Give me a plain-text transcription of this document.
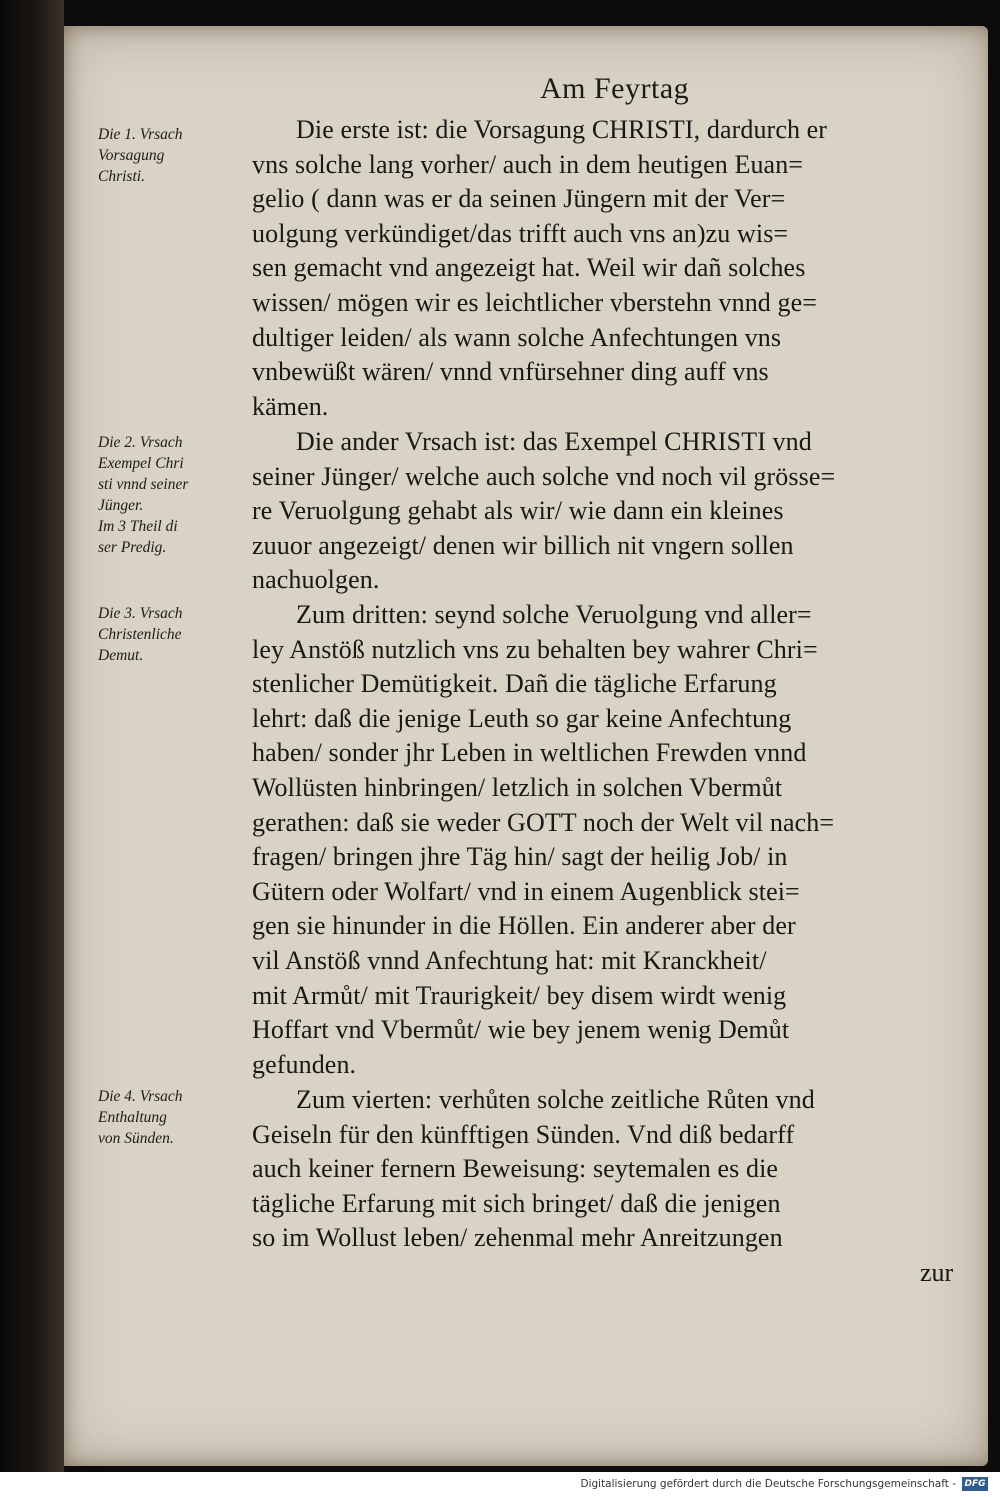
Am Feyrtag
Die 1. Vrsach
Vorsagung
Christi.
Die 2. Vrsach
Exempel Chri
sti vnnd seiner
Jünger.
Im 3 Theil di
ser Predig.
Die 3. Vrsach
Christenliche
Demut.
Die 4. Vrsach
Enthaltung
von Sünden.
Die erste ist: die Vorsagung CHRISTI, dardurch er
vns solche lang vorher/ auch in dem heutigen Euan=
gelio ( dann was er da seinen Jüngern mit der Ver=
uolgung verkündiget/das trifft auch vns an)zu wis=
sen gemacht vnd angezeigt hat. Weil wir dañ solches
wissen/ mögen wir es leichtlicher vberstehn vnnd ge=
dultiger leiden/ als wann solche Anfechtungen vns
vnbewüßt wären/ vnnd vnfürsehner ding auff vns
kämen.
Die ander Vrsach ist: das Exempel CHRISTI vnd
seiner Jünger/ welche auch solche vnd noch vil grösse=
re Veruolgung gehabt als wir/ wie dann ein kleines
zuuor angezeigt/ denen wir billich nit vngern sollen
nachuolgen.
Zum dritten: seynd solche Veruolgung vnd aller=
ley Anstöß nutzlich vns zu behalten bey wahrer Chri=
stenlicher Demütigkeit. Dañ die tägliche Erfarung
lehrt: daß die jenige Leuth so gar keine Anfechtung
haben/ sonder jhr Leben in weltlichen Frewden vnnd
Wollüsten hinbringen/ letzlich in solchen Vbermůt
gerathen: daß sie weder GOTT noch der Welt vil nach=
fragen/ bringen jhre Täg hin/ sagt der heilig Job/ in
Gütern oder Wolfart/ vnd in einem Augenblick stei=
gen sie hinunder in die Höllen. Ein anderer aber der
vil Anstöß vnnd Anfechtung hat: mit Kranckheit/
mit Armůt/ mit Traurigkeit/ bey disem wirdt wenig
Hoffart vnd Vbermůt/ wie bey jenem wenig Demůt
gefunden.
Zum vierten: verhůten solche zeitliche Růten vnd
Geiseln für den künfftigen Sünden. Vnd diß bedarff
auch keiner fernern Beweisung: seytemalen es die
tägliche Erfarung mit sich bringet/ daß die jenigen
so im Wollust leben/ zehenmal mehr Anreitzungen
zur
Digitalisierung gefördert durch die Deutsche Forschungsgemeinschaft - DFG
